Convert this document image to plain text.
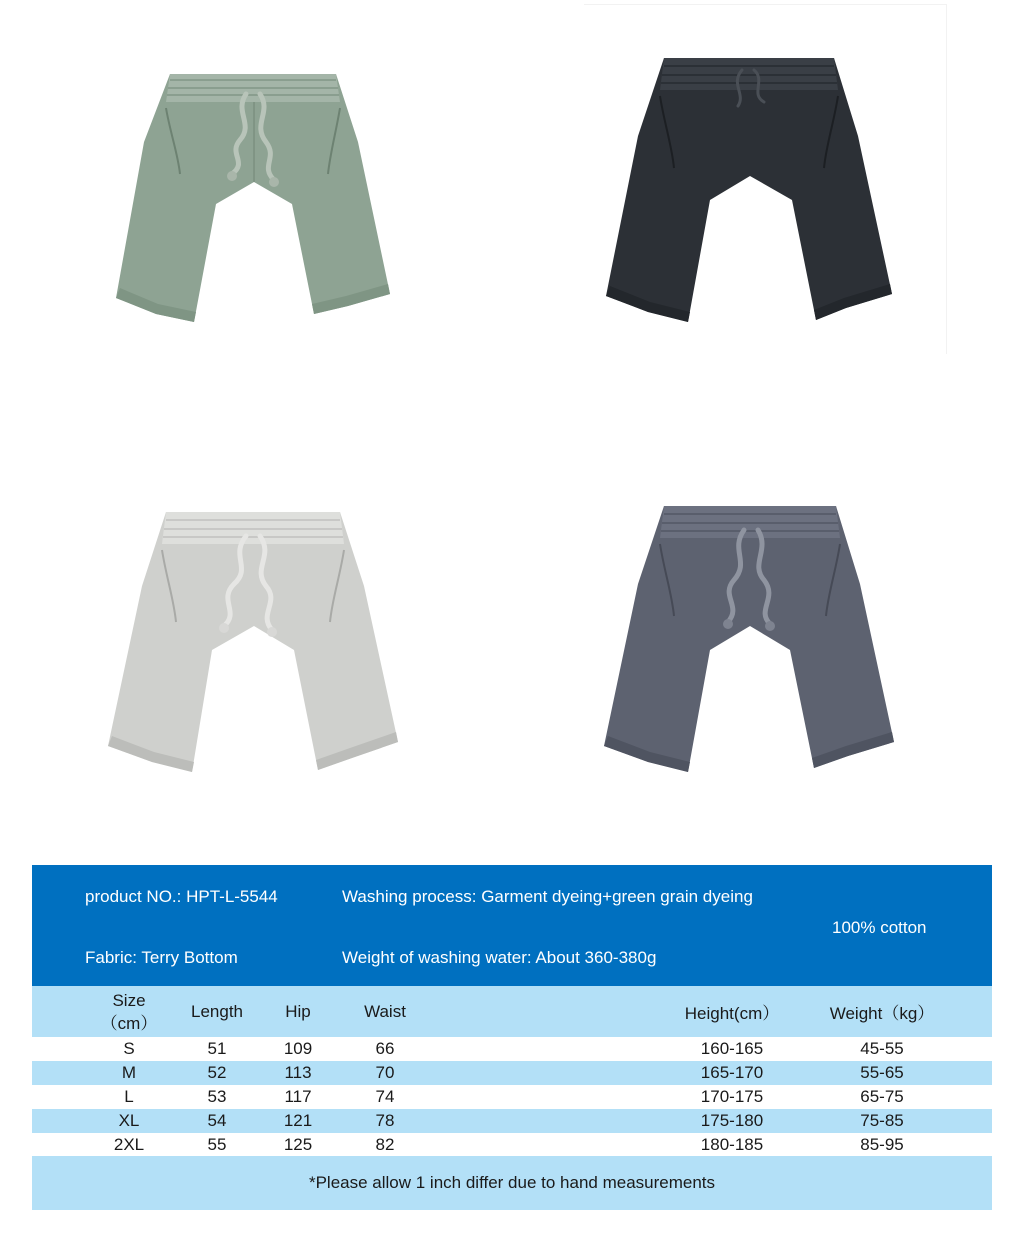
product NO.: HPT-L-5544	Washing process: Garment dyeing+green grain dyeing
100% cotton
Fabric: Terry Bottom	Weight of washing water: About 360-380g
Size
（cm）
Length	Hip	Waist	Height(cm）	Weight（kg）
S	51	109	66	160-165	45-55
M	52	113	70	165-170	55-65
L	53	117	74	170-175	65-75
XL	54	121	78	175-180	75-85
2XL	55	125	82	180-185	85-95
*Please allow 1 inch differ due to hand measurements
